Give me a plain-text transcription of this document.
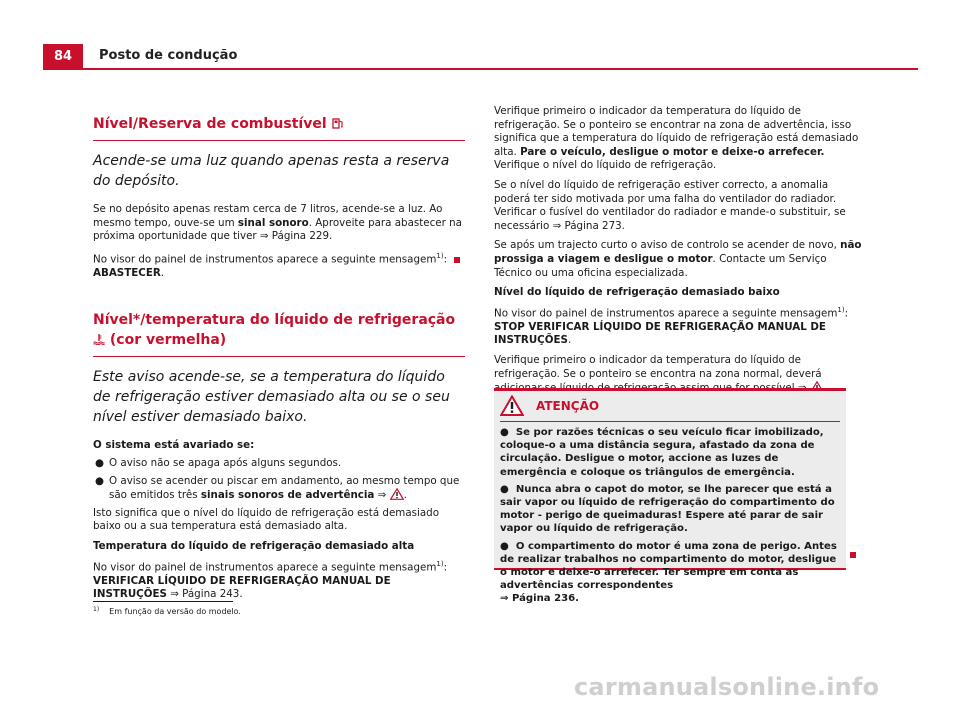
84	Posto de condução
Nível/Reserva de combustível

Acende-se uma luz quando apenas resta a reserva do depósito.

Se no depósito apenas restam cerca de 7 litros, acende-se a luz. Ao mesmo tempo, ouve-se um sinal sonoro. Aproveite para abastecer na próxima oportunidade que tiver ⇒ Página 229.

No visor do painel de instrumentos aparece a seguinte mensagem$^{1)}$: ABASTECER.

Nível*/temperatura do líquido de refrigeração  (cor vermelha)

Este aviso acende-se, se a temperatura do líquido de refrigeração estiver demasiado alta ou se o seu nível estiver demasiado baixo.

O sistema está avariado se:

● O aviso não se apaga após alguns segundos.

● O aviso se acender ou piscar em andamento, ao mesmo tempo que são emitidos três sinais sonoros de advertência ⇒ .

Isto significa que o nível do líquido de refrigeração está demasiado baixo ou a sua temperatura está demasiado alta.

Temperatura do líquido de refrigeração demasiado alta

No visor do painel de instrumentos aparece a seguinte mensagem$^{1)}$: VERIFICAR LÍQUIDO DE REFRIGERAÇÃO MANUAL DE INSTRUÇÕES ⇒ Página 243.

Verifique primeiro o indicador da temperatura do líquido de refrigeração. Se o ponteiro se encontrar na zona de advertência, isso significa que a temperatura do líquido de refrigeração está demasiado alta. Pare o veículo, desligue o motor e deixe-o arrefecer. Verifique o nível do líquido de refrigeração.

Se o nível do líquido de refrigeração estiver correcto, a anomalia poderá ter sido motivada por uma falha do ventilador do radiador. Verificar o fusível do ventilador do radiador e mande-o substituir, se necessário ⇒ Página 273.

Se após um trajecto curto o aviso de controlo se acender de novo, não prossiga a viagem e desligue o motor. Contacte um Serviço Técnico ou uma oficina especializada.

Nível do líquido de refrigeração demasiado baixo

No visor do painel de instrumentos aparece a seguinte mensagem$^{1)}$: STOP VERIFICAR LÍQUIDO DE REFRIGERAÇÃO MANUAL DE INSTRUÇÕES.

Verifique primeiro o indicador da temperatura do líquido de refrigeração. Se o ponteiro se encontra na zona normal, deverá

ATENÇÃO

● Se por razões técnicas o seu veículo ficar imobilizado, coloque-o a uma distância segura, afastado da zona de circulação. Desligue o motor, accione as luzes de emergência e coloque os triângulos de emergência.

● Nunca abra o capot do motor, se lhe parecer que está a sair vapor ou líquido de refrigeração do compartimento do motor - perigo de queimaduras! Espere até parar de sair vapor ou líquido de refrigeração.

● O compartimento do motor é uma zona de perigo. Antes de realizar trabalhos no compartimento do motor, desligue o motor e deixe-o arrefecer. Ter sempre em conta as advertências correspondentes
⇒ Página 236.

$^{1)}$ Em função da versão do modelo.
carmanualsonline.info
